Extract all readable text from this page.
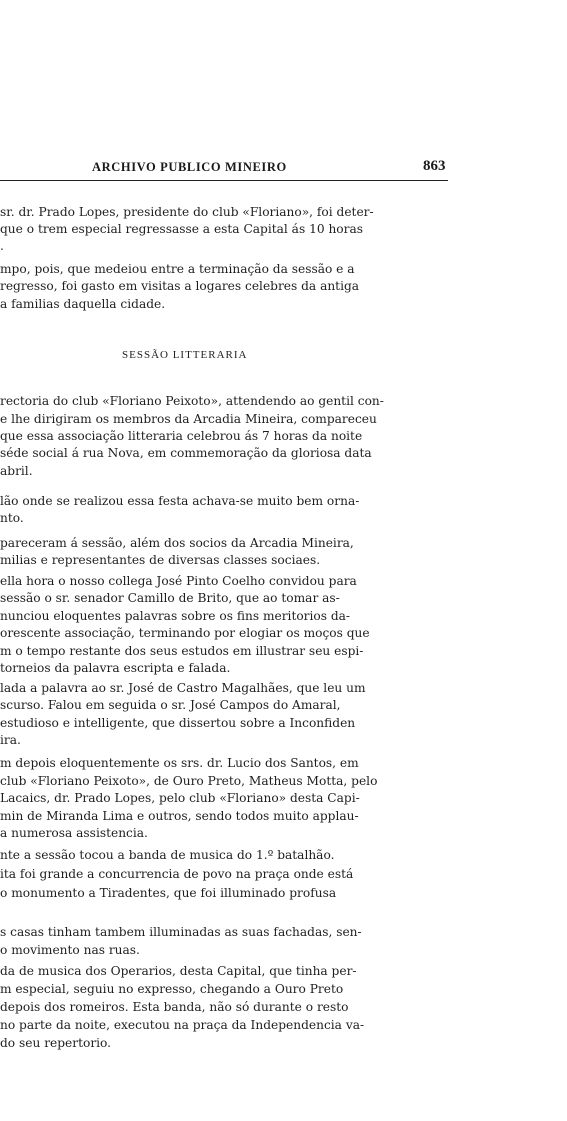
ARCHIVO PUBLICO MINEIRO	863
sr. dr. Prado Lopes, presidente do club «Floriano», foi deter-
que o trem especial regressasse a esta Capital ás 10 horas
.
mpo, pois, que medeiou entre a terminação da sessão e a
regresso, foi gasto em visitas a logares celebres da antiga
a familias daquella cidade.
SESSÃO LITTERARIA
rectoria do club «Floriano Peixoto», attendendo ao gentil con-
e lhe dirigiram os membros da Arcadia Mineira, compareceu
que essa associação litteraria celebrou ás 7 horas da noite
séde social á rua Nova, em commemoração da gloriosa data
abril.
lão onde se realizou essa festa achava-se muito bem orna-
nto.
pareceram á sessão, além dos socios da Arcadia Mineira,
milias e representantes de diversas classes sociaes.
ella hora o nosso collega José Pinto Coelho convidou para
sessão o sr. senador Camillo de Brito, que ao tomar as-
nunciou eloquentes palavras sobre os fins meritorios da-
orescente associação, terminando por elogiar os moços que
m o tempo restante dos seus estudos em illustrar seu espi-
torneios da palavra escripta e falada.
lada a palavra ao sr. José de Castro Magalhães, que leu um
scurso. Falou em seguida o sr. José Campos do Amaral,
estudioso e intelligente, que dissertou sobre a Inconfiden
ira.
m depois eloquentemente os srs. dr. Lucio dos Santos, em
club «Floriano Peixoto», de Ouro Preto, Matheus Motta, pelo
Lacaics, dr. Prado Lopes, pelo club «Floriano» desta Capi-
min de Miranda Lima e outros, sendo todos muito applau-
a numerosa assistencia.
nte a sessão tocou a banda de musica do 1.º batalhão.
ita foi grande a concurrencia de povo na praça onde está
o monumento a Tiradentes, que foi illuminado profusa
s casas tinham tambem illuminadas as suas fachadas, sen-
o movimento nas ruas.
da de musica dos Operarios, desta Capital, que tinha per-
m especial, seguiu no expresso, chegando a Ouro Preto
depois dos romeiros. Esta banda, não só durante o resto
no parte da noite, executou na praça da Independencia va-
do seu repertorio.
